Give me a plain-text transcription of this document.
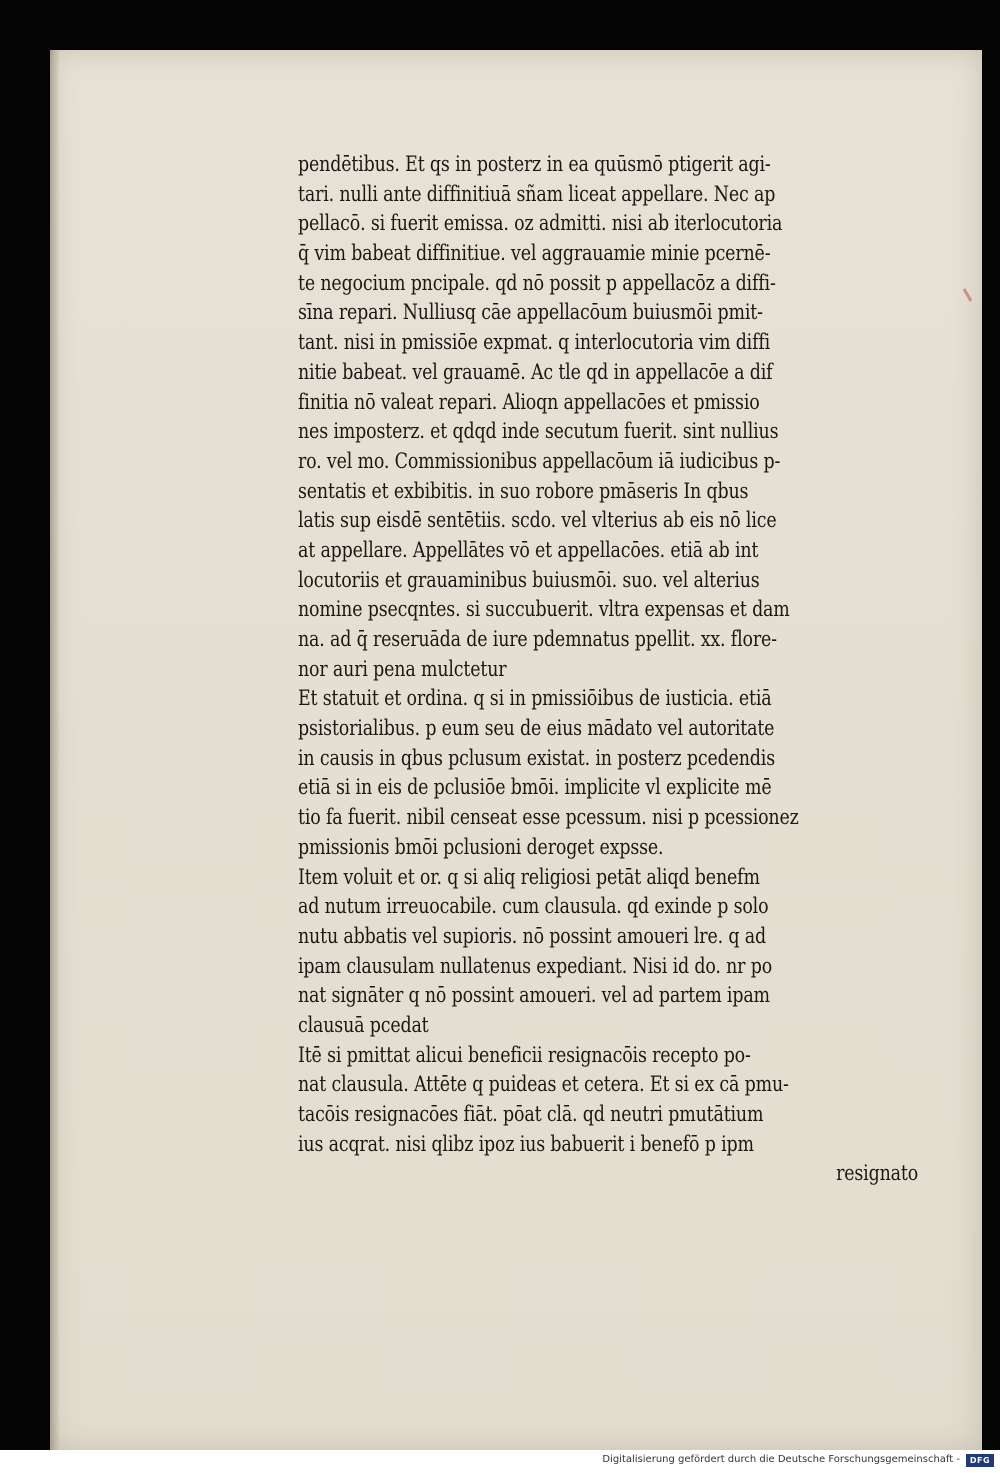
pendētibus. Et qs in posterz in ea quūsmō ptigerit agi-
tari. nulli ante diffinitiuā sñam liceat appellare. Nec ap
pellacō. si fuerit emissa. oz admitti. nisi ab iterlocutoria
q̄ vim babeat diffinitiue. vel aggrauamie minie pcernē-
te negocium pncipale. qd nō possit p appellacōz a diffi-
sīna repari. Nulliusq cāe appellacōum buiusmōi pmit-
tant. nisi in pmissiōe expmat. q interlocutoria vim diffi
nitie babeat. vel grauamē. Ac tle qd in appellacōe a dif
finitia nō valeat repari. Alioqn appellacōes et pmissio
nes imposterz. et qdqd inde secutum fuerit. sint nullius
ro. vel mo. Commissionibus appellacōum iā iudicibus p-
sentatis et exbibitis. in suo robore pmāseris In qbus
latis sup eisdē sentētiis. scdo. vel vlterius ab eis nō lice
at appellare. Appellātes vō et appellacōes. etiā ab int
locutoriis et grauaminibus buiusmōi. suo. vel alterius
nomine psecqntes. si succubuerit. vltra expensas et dam
na. ad q̄ reseruāda de iure pdemnatus ppellit. xx. flore-
nor auri pena mulctetur
Et statuit et ordina. q si in pmissiōibus de iusticia. etiā
psistorialibus. p eum seu de eius mādato vel autoritate
in causis in qbus pclusum existat. in posterz pcedendis
etiā si in eis de pclusiōe bmōi. implicite vl explicite mē
tio fa fuerit. nibil censeat esse pcessum. nisi p pcessionez
pmissionis bmōi pclusioni deroget expsse.
Item voluit et or. q si aliq religiosi petāt aliqd benefm
ad nutum irreuocabile. cum clausula. qd exinde p solo
nutu abbatis vel supioris. nō possint amoueri lre. q ad
ipam clausulam nullatenus expediant. Nisi id do. nr po
nat signāter q nō possint amoueri. vel ad partem ipam
clausuā pcedat
Itē si pmittat alicui beneficii resignacōis recepto po-
nat clausula. Attēte q puideas et cetera. Et si ex cā pmu-
tacōis resignacōes fiāt. pōat clā. qd neutri pmutātium
ius acqrat. nisi qlibz ipoz ius babuerit i benefō p ipm
resignato
Digitalisierung gefördert durch die Deutsche Forschungsgemeinschaft -	DFG
